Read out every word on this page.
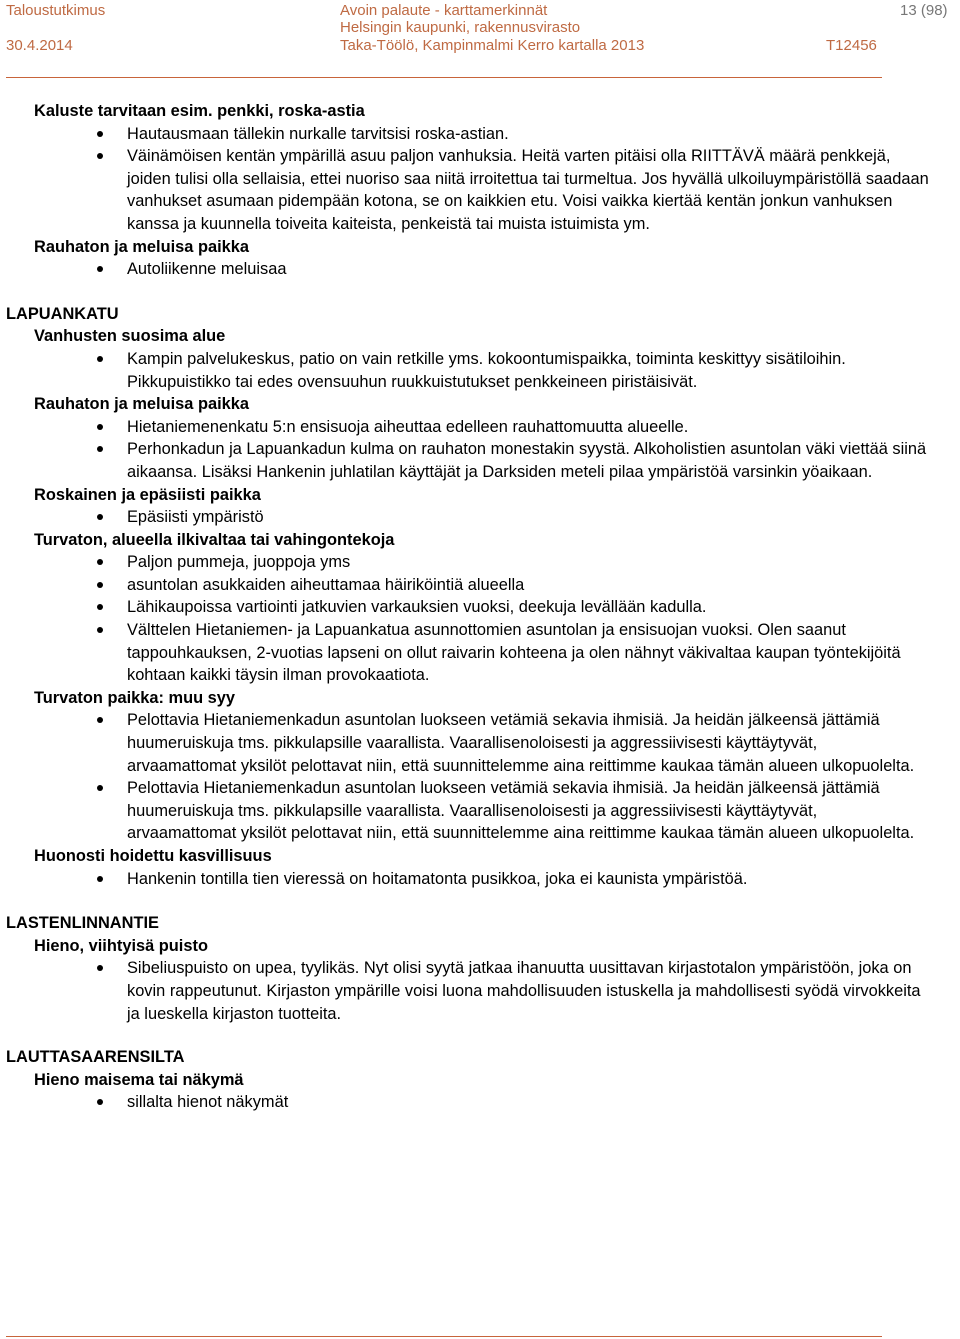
Taloustutkimus
30.4.2014
Avoin palaute - karttamerkinnät
Helsingin kaupunki, rakennusvirasto
Taka-Töölö, Kampinmalmi Kerro kartalla 2013
13 (98)
T12456
Kaluste tarvitaan esim. penkki, roska-astia
Hautausmaan tällekin nurkalle tarvitsisi roska-astian.
Väinämöisen kentän ympärillä asuu paljon vanhuksia. Heitä varten pitäisi olla RIITTÄVÄ määrä penkkejä, joiden tulisi olla sellaisia, ettei nuoriso saa niitä irroitettua tai turmeltua. Jos hyvällä ulkoiluympäristöllä saadaan vanhukset asumaan pidempään kotona, se on kaikkien etu. Voisi vaikka kiertää kentän jonkun vanhuksen kanssa ja kuunnella toiveita kaiteista, penkeistä tai muista istuimista ym.
Rauhaton ja meluisa paikka
Autoliikenne meluisaa
LAPUANKATU
Vanhusten suosima alue
Kampin palvelukeskus, patio on vain retkille yms. kokoontumispaikka, toiminta keskittyy sisätiloihin. Pikkupuistikko tai edes ovensuuhun ruukkuistutukset penkkeineen piristäisivät.
Rauhaton ja meluisa paikka
Hietaniemenenkatu 5:n ensisuoja aiheuttaa edelleen rauhattomuutta alueelle.
Perhonkadun ja Lapuankadun kulma on rauhaton monestakin syystä. Alkoholistien asuntolan väki viettää siinä aikaansa. Lisäksi Hankenin juhlatilan käyttäjät ja Darksiden meteli pilaa ympäristöä varsinkin yöaikaan.
Roskainen ja epäsiisti paikka
Epäsiisti ympäristö
Turvaton, alueella ilkivaltaa tai vahingontekoja
Paljon pummeja, juoppoja yms
asuntolan asukkaiden aiheuttamaa häiriköintiä alueella
Lähikaupoissa vartiointi jatkuvien varkauksien vuoksi, deekuja levällään kadulla.
Välttelen Hietaniemen- ja Lapuankatua asunnottomien asuntolan ja ensisuojan vuoksi. Olen saanut tappouhkauksen, 2-vuotias lapseni on ollut raivarin kohteena ja olen nähnyt väkivaltaa kaupan työntekijöitä kohtaan kaikki täysin ilman provokaatiota.
Turvaton paikka: muu syy
Pelottavia Hietaniemenkadun asuntolan luokseen vetämiä sekavia ihmisiä. Ja heidän jälkeensä jättämiä huumeruiskuja tms. pikkulapsille vaarallista. Vaarallisenoloisesti ja aggressiivisesti käyttäytyvät, arvaamattomat yksilöt pelottavat niin, että suunnittelemme aina reittimme kaukaa tämän alueen ulkopuolelta.
Pelottavia Hietaniemenkadun asuntolan luokseen vetämiä sekavia ihmisiä. Ja heidän jälkeensä jättämiä huumeruiskuja tms. pikkulapsille vaarallista. Vaarallisenoloisesti ja aggressiivisesti käyttäytyvät, arvaamattomat yksilöt pelottavat niin, että suunnittelemme aina reittimme kaukaa tämän alueen ulkopuolelta.
Huonosti hoidettu kasvillisuus
Hankenin tontilla tien vieressä on hoitamatonta pusikkoa, joka ei kaunista ympäristöä.
LASTENLINNANTIE
Hieno, viihtyisä puisto
Sibeliuspuisto on upea, tyylikäs. Nyt olisi syytä jatkaa ihanuutta uusittavan kirjastotalon ympäristöön, joka on kovin rappeutunut. Kirjaston ympärille voisi luona mahdollisuuden istuskella ja mahdollisesti syödä virvokkeita ja lueskella kirjaston tuotteita.
LAUTTASAARENSILTA
Hieno maisema tai näkymä
sillalta hienot näkymät
